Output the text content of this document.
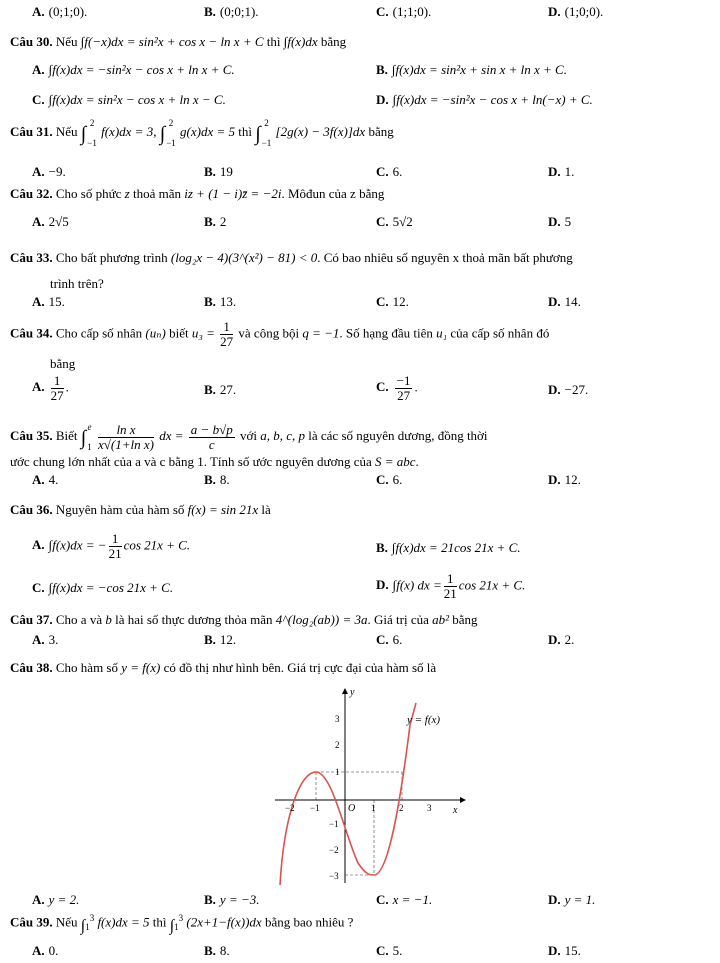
A. (0;1;0).	B. (0;0;1).	C. (1;1;0).	D. (1;0;0).
Câu 30. Nếu ∫f(−x)dx = sin²x + cos x − ln x + C thì ∫f(x)dx bằng
A. ∫f(x)dx = −sin²x − cos x + ln x + C.	B. ∫f(x)dx = sin²x + sin x + ln x + C.
C. ∫f(x)dx = sin²x − cos x + ln x − C.	D. ∫f(x)dx = −sin²x − cos x + ln(−x) + C.
Câu 31. Nếu ∫ 2

−1 f(x)dx = 3, ∫ 2

−1 g(x)dx = 5 thì ∫ 2

−1 [2g(x) − 3f(x)]dx bằng
A. −9.	B. 19	C. 6.	D. 1.
Câu 32. Cho số phức z thoả mãn iz + (1 − i)z̄ = −2i. Môđun của z bằng
A. 2√5	B. 2	C. 5√2	D. 5
Câu 33. Cho bất phương trình (log₂x − 4)(3^(x²) − 81) < 0. Có bao nhiêu số nguyên x thoả mãn bất phương
trình trên?
A. 15.	B. 13.	C. 12.	D. 14.
Câu 34. Cho cấp số nhân (uₙ) biết $u_3 = \frac{1}{27}$ và công bội q = −1. Số hạng đầu tiên u₁ của cấp số nhân đó
bằng
A. $\frac{1}{27}$ .	B. 27.	C. $\frac{-1}{27}$ .	D. −27.
Câu 35. Biết ∫e

$1 \frac{\text{ln x}}{\text{x√(1+ln x)}}$ dx = $\frac{a - b√p}{c}$ với a, b, c, p là các số nguyên dương, đồng thời
ước chung lớn nhất của a và c bằng 1. Tính số ước nguyên dương của S = abc.
A. 4.	B. 8.	C. 6.	D. 12.
Câu 36. Nguyên hàm của hàm số f(x) = sin 21x là
A. ∫f(x)dx = − $\frac{1}{21}$ cos 21x + C.	B. ∫f(x)dx = 21cos 21x + C.
C. ∫f(x)dx = −cos 21x + C.	D. ∫f(x) dx = $\frac{1}{21}$ cos 21x + C.
Câu 37. Cho a và b là hai số thực dương thỏa mãn 4^(log₂(ab)) = 3a. Giá trị của ab² bằng
A. 3.	B. 12.	C. 6.	D. 2.
Câu 38. Cho hàm số y = f(x) có đồ thị như hình bên. Giá trị cực đại của hàm số là
y
x
O
y = f(x)
−2 −1	1	2	3
3
2
1
−1
−2
−3
A. y = 2.	B. y = −3.	C. x = −1.	D. y = 1.
Câu 39. Nếu $\int_1^3$ f(x)dx = 5 thì $\int_1^3$ (2x+1−f(x))dx bằng bao nhiêu ?
A. 0.	B. 8.	C. 5.	D. 15.
